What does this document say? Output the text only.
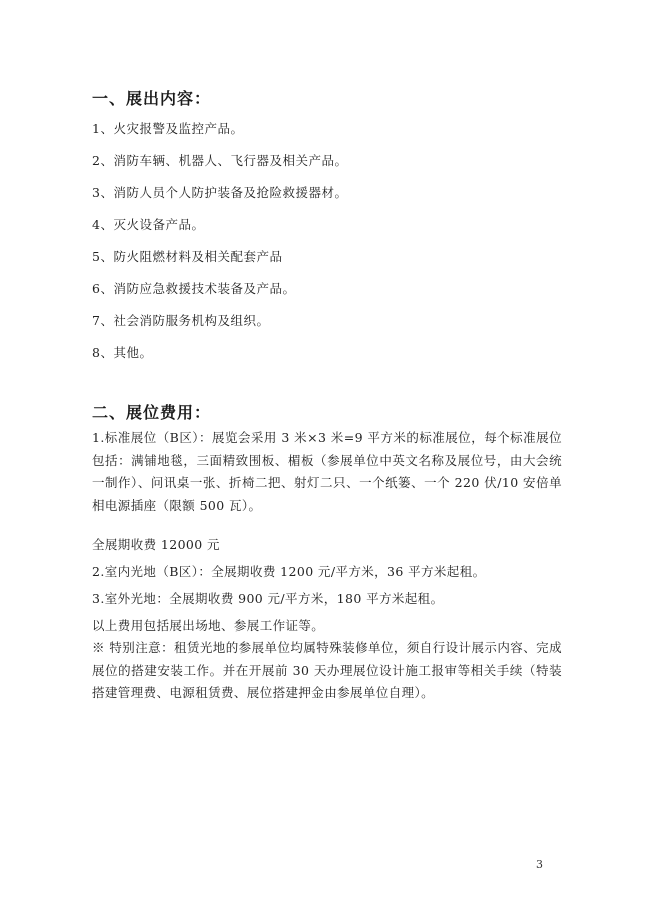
一、展出内容：
1、火灾报警及监控产品。
2、消防车辆、机器人、飞行器及相关产品。
3、消防人员个人防护装备及抢险救援器材。
4、灭火设备产品。
5、防火阻燃材料及相关配套产品
6、消防应急救援技术装备及产品。
7、社会消防服务机构及组织。
8、其他。
二、展位费用：
1.标准展位（B区）：展览会采用 3 米×3 米=9 平方米的标准展位，每个标准展位包括：满铺地毯，三面精致围板、楣板（参展单位中英文名称及展位号，由大会统一制作）、问讯桌一张、折椅二把、射灯二只、一个纸篓、一个 220 伏/10 安倍单相电源插座（限额 500 瓦）。
全展期收费 12000 元
2.室内光地（B区）：全展期收费 1200 元/平方米，36 平方米起租。
3.室外光地：全展期收费 900 元/平方米，180 平方米起租。
以上费用包括展出场地、参展工作证等。
※ 特别注意：租赁光地的参展单位均属特殊装修单位，须自行设计展示内容、完成展位的搭建安装工作。并在开展前 30 天办理展位设计施工报审等相关手续（特装搭建管理费、电源租赁费、展位搭建押金由参展单位自理）。
3
